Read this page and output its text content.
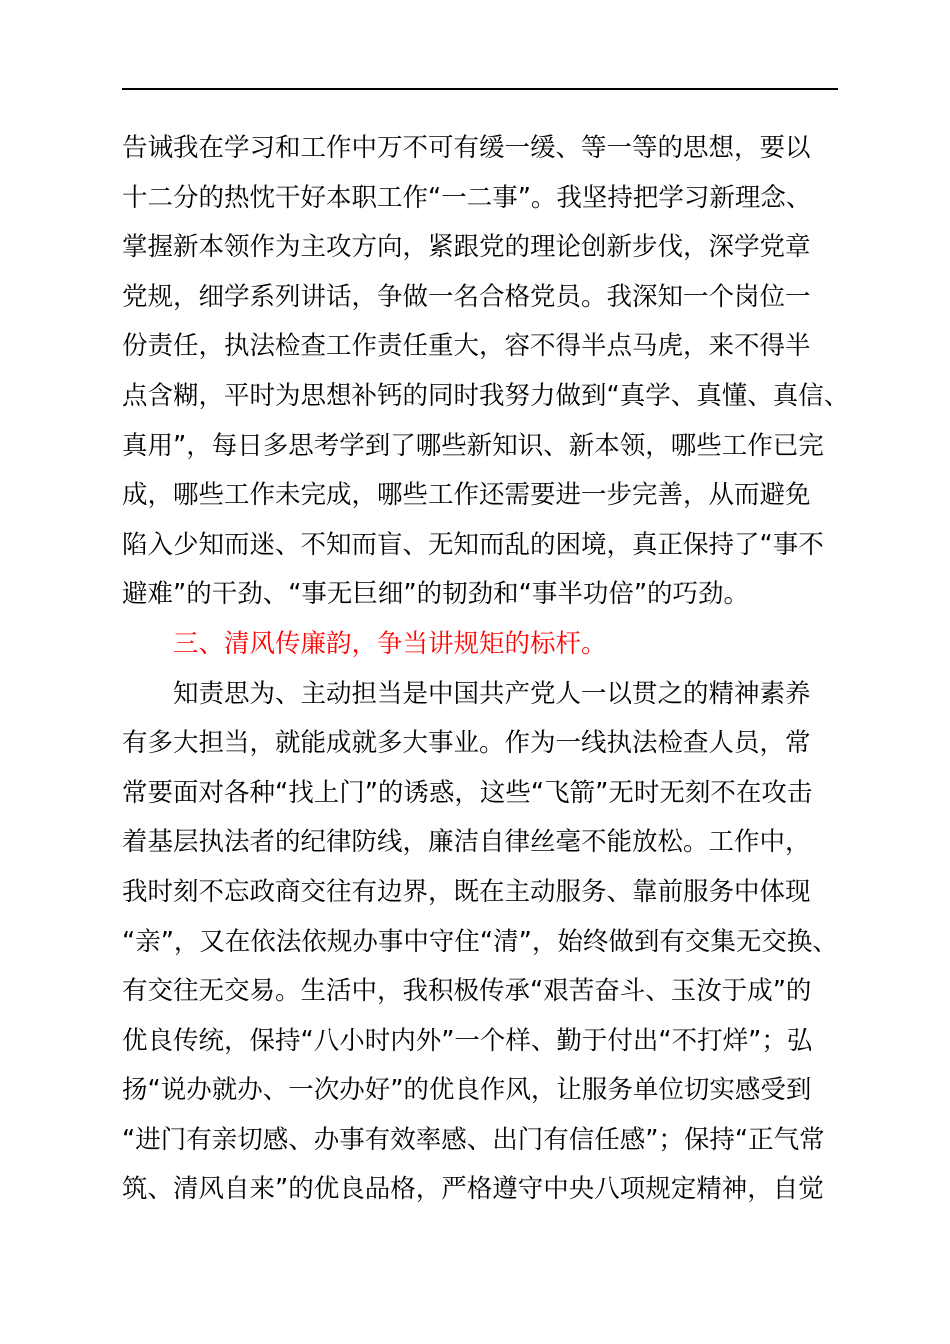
告诫我在学习和工作中万不可有缓一缓、等一等的思想，要以
十二分的热忱干好本职工作“一二事”。我坚持把学习新理念、
掌握新本领作为主攻方向，紧跟党的理论创新步伐，深学党章
党规，细学系列讲话，争做一名合格党员。我深知一个岗位一
份责任，执法检查工作责任重大，容不得半点马虎，来不得半
点含糊，平时为思想补钙的同时我努力做到“真学、真懂、真信、
真用”，每日多思考学到了哪些新知识、新本领，哪些工作已完
成，哪些工作未完成，哪些工作还需要进一步完善，从而避免
陷入少知而迷、不知而盲、无知而乱的困境，真正保持了“事不
避难”的干劲、“事无巨细”的韧劲和“事半功倍”的巧劲。
三、清风传廉韵，争当讲规矩的标杆。
知责思为、主动担当是中国共产党人一以贯之的精神素养
有多大担当，就能成就多大事业。作为一线执法检查人员，常
常要面对各种“找上门”的诱惑，这些“飞箭”无时无刻不在攻击
着基层执法者的纪律防线，廉洁自律丝毫不能放松。工作中，
我时刻不忘政商交往有边界，既在主动服务、靠前服务中体现
“亲”，又在依法依规办事中守住“清”，始终做到有交集无交换、
有交往无交易。生活中，我积极传承“艰苦奋斗、玉汝于成”的
优良传统，保持“八小时内外”一个样、勤于付出“不打烊”；弘
扬“说办就办、一次办好”的优良作风，让服务单位切实感受到
“进门有亲切感、办事有效率感、出门有信任感”；保持“正气常
筑、清风自来”的优良品格，严格遵守中央八项规定精神，自觉
